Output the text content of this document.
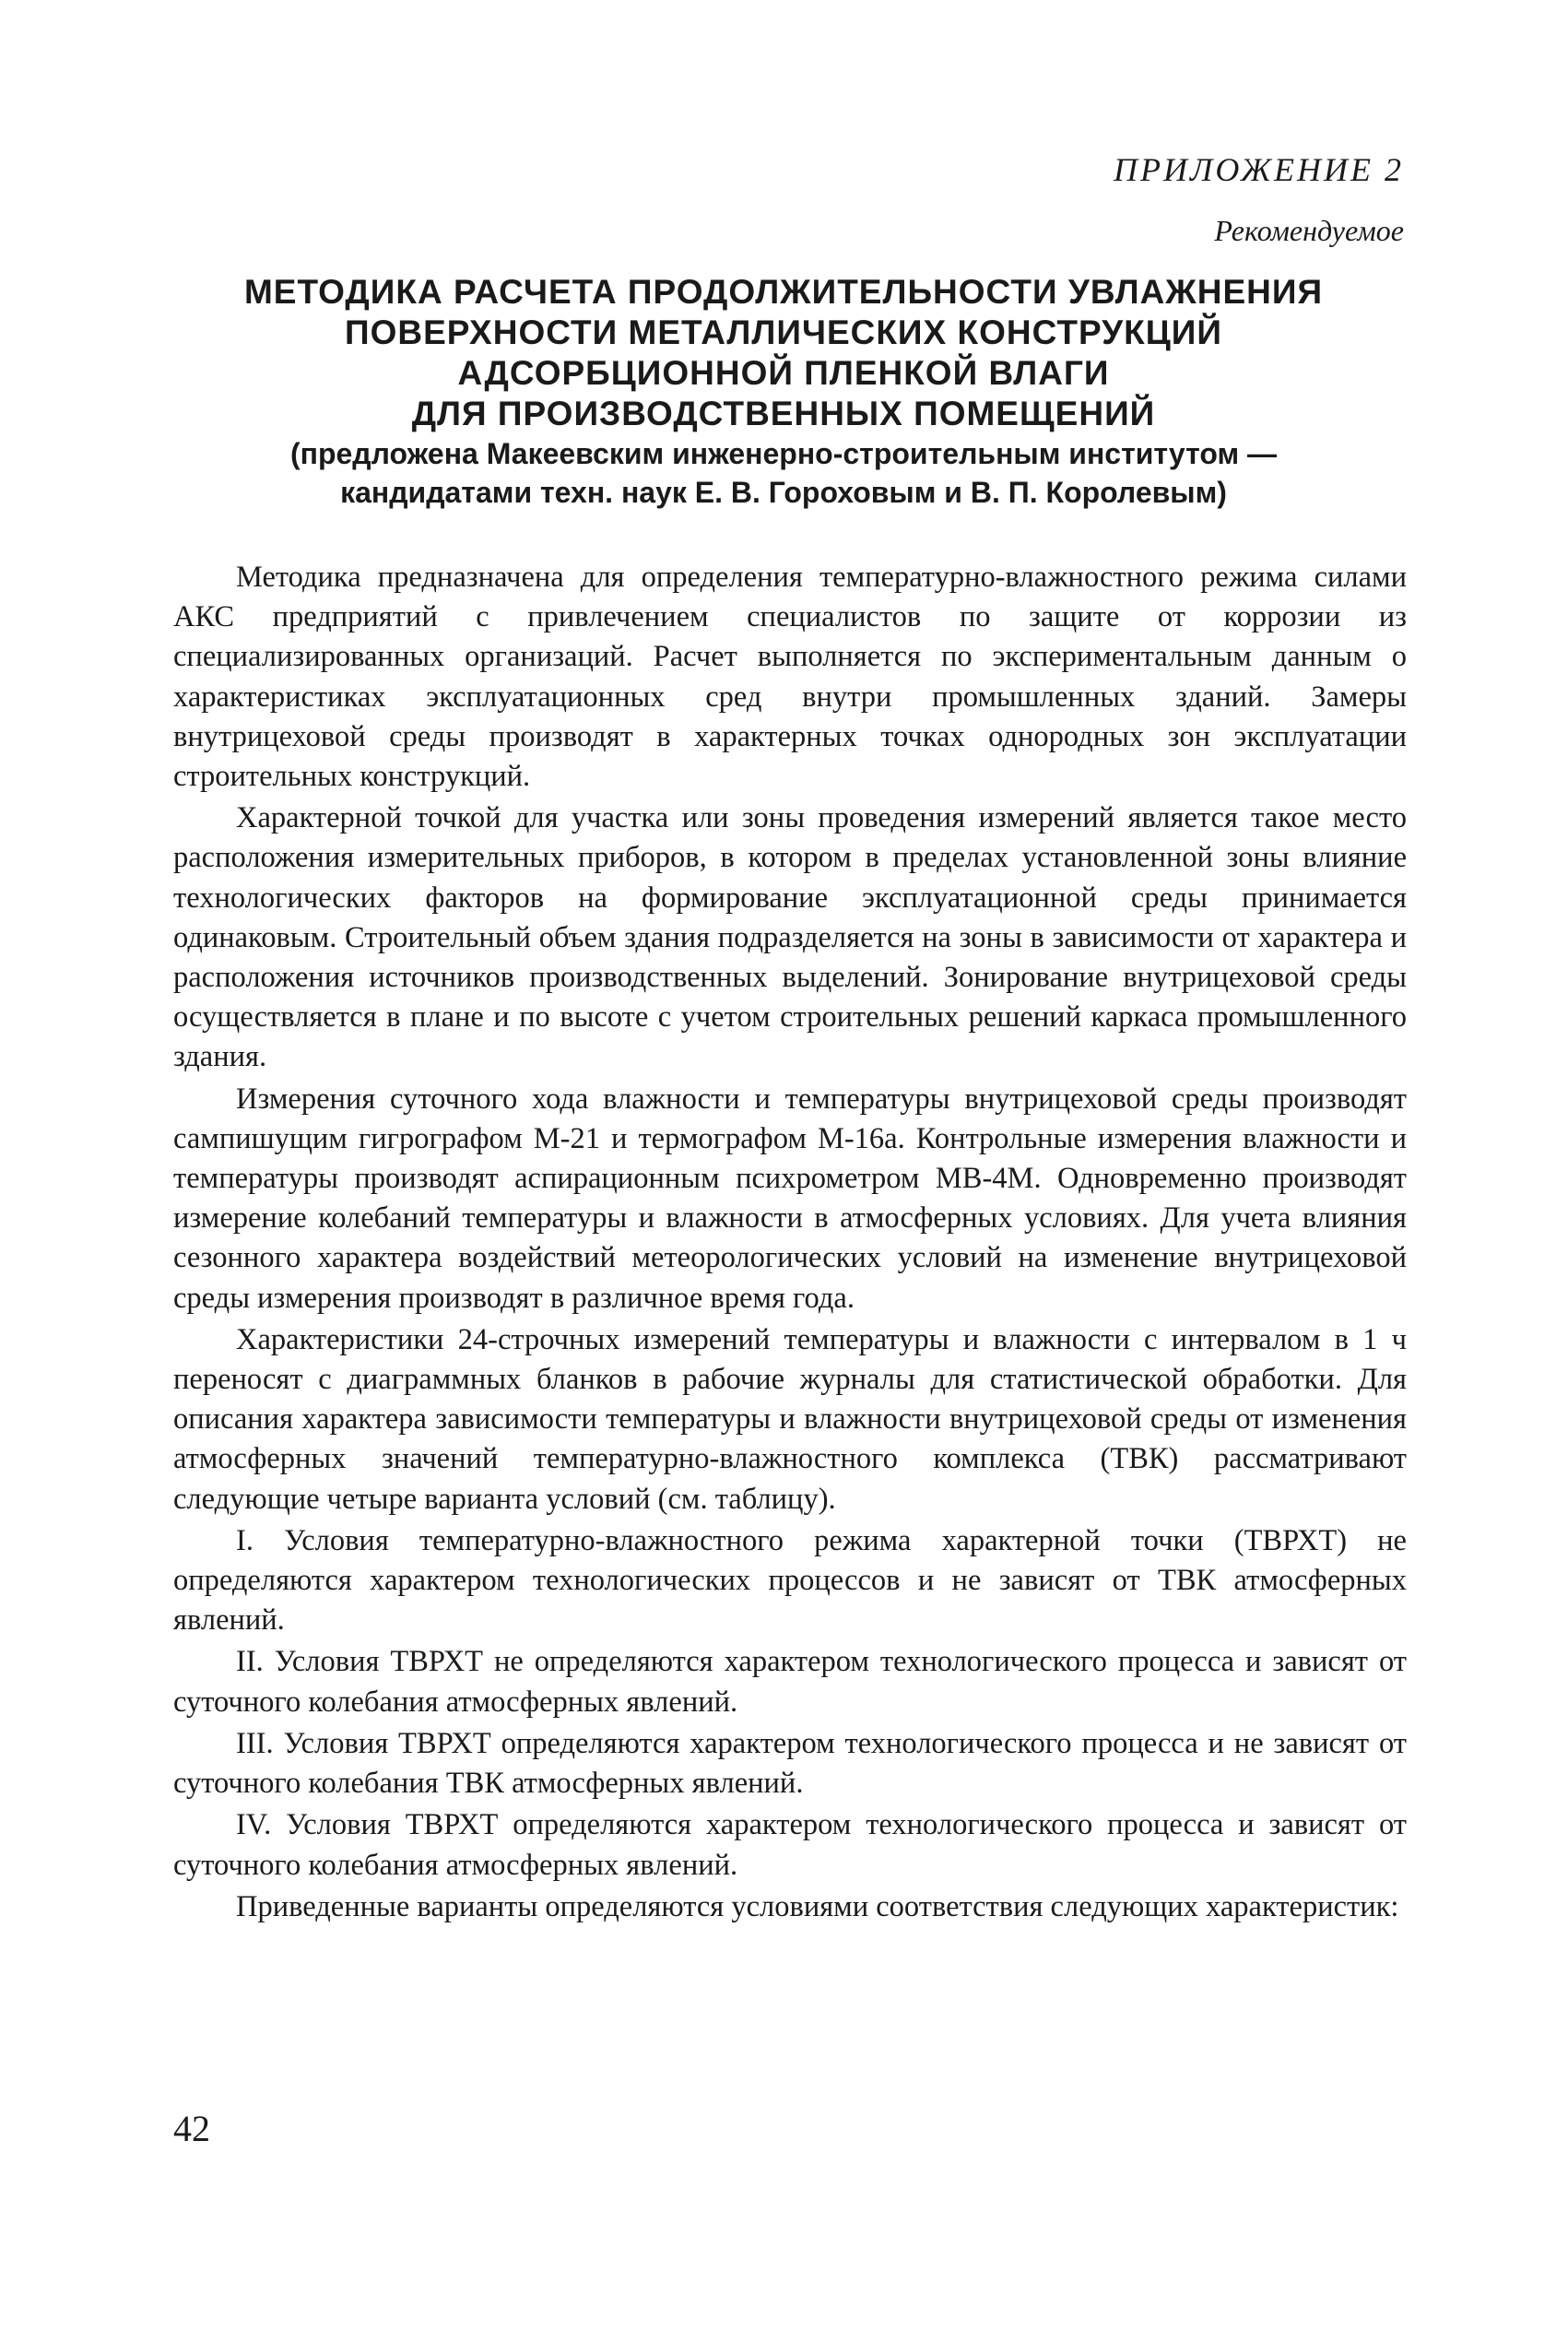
ПРИЛОЖЕНИЕ 2
Рекомендуемое
МЕТОДИКА РАСЧЕТА ПРОДОЛЖИТЕЛЬНОСТИ УВЛАЖНЕНИЯ
ПОВЕРХНОСТИ МЕТАЛЛИЧЕСКИХ КОНСТРУКЦИЙ
АДСОРБЦИОННОЙ ПЛЕНКОЙ ВЛАГИ
ДЛЯ ПРОИЗВОДСТВЕННЫХ ПОМЕЩЕНИЙ
(предложена Макеевским инженерно-строительным институтом —
кандидатами техн. наук Е. В. Гороховым и В. П. Королевым)

Методика предназначена для определения температурно-влажностного режима силами АКС предприятий с привлечением специалистов по защите от коррозии из специализированных организаций. Расчет выполняется по экспериментальным данным о характеристиках эксплуатационных сред внутри промышленных зданий. Замеры внутрицеховой среды производят в характерных точках однородных зон эксплуатации строительных конструкций.

Характерной точкой для участка или зоны проведения измерений является такое место расположения измерительных приборов, в котором в пределах установленной зоны влияние технологических факторов на формирование эксплуатационной среды принимается одинаковым. Строительный объем здания подразделяется на зоны в зависимости от характера и расположения источников производственных выделений. Зонирование внутрицеховой среды осуществляется в плане и по высоте с учетом строительных решений каркаса промышленного здания.

Измерения суточного хода влажности и температуры внутрицеховой среды производят сампишущим гигрографом М-21 и термографом М-16а. Контрольные измерения влажности и температуры производят аспирационным психрометром МВ-4М. Одновременно производят измерение колебаний температуры и влажности в атмосферных условиях. Для учета влияния сезонного характера воздействий метеорологических условий на изменение внутрицеховой среды измерения производят в различное время года.

Характеристики 24-строчных измерений температуры и влажности с интервалом в 1 ч переносят с диаграммных бланков в рабочие журналы для статистической обработки. Для описания характера зависимости температуры и влажности внутрицеховой среды от изменения атмосферных значений температурно-влажностного комплекса (ТВК) рассматривают следующие четыре варианта условий (см. таблицу).

I. Условия температурно-влажностного режима характерной точки (ТВРХТ) не определяются характером технологических процессов и не зависят от ТВК атмосферных явлений.

II. Условия ТВРХТ не определяются характером технологического процесса и зависят от суточного колебания атмосферных явлений.

III. Условия ТВРХТ определяются характером технологического процесса и не зависят от суточного колебания ТВК атмосферных явлений.

IV. Условия ТВРХТ определяются характером технологического процесса и зависят от суточного колебания атмосферных явлений.

Приведенные варианты определяются условиями соответствия следующих характеристик:

42
